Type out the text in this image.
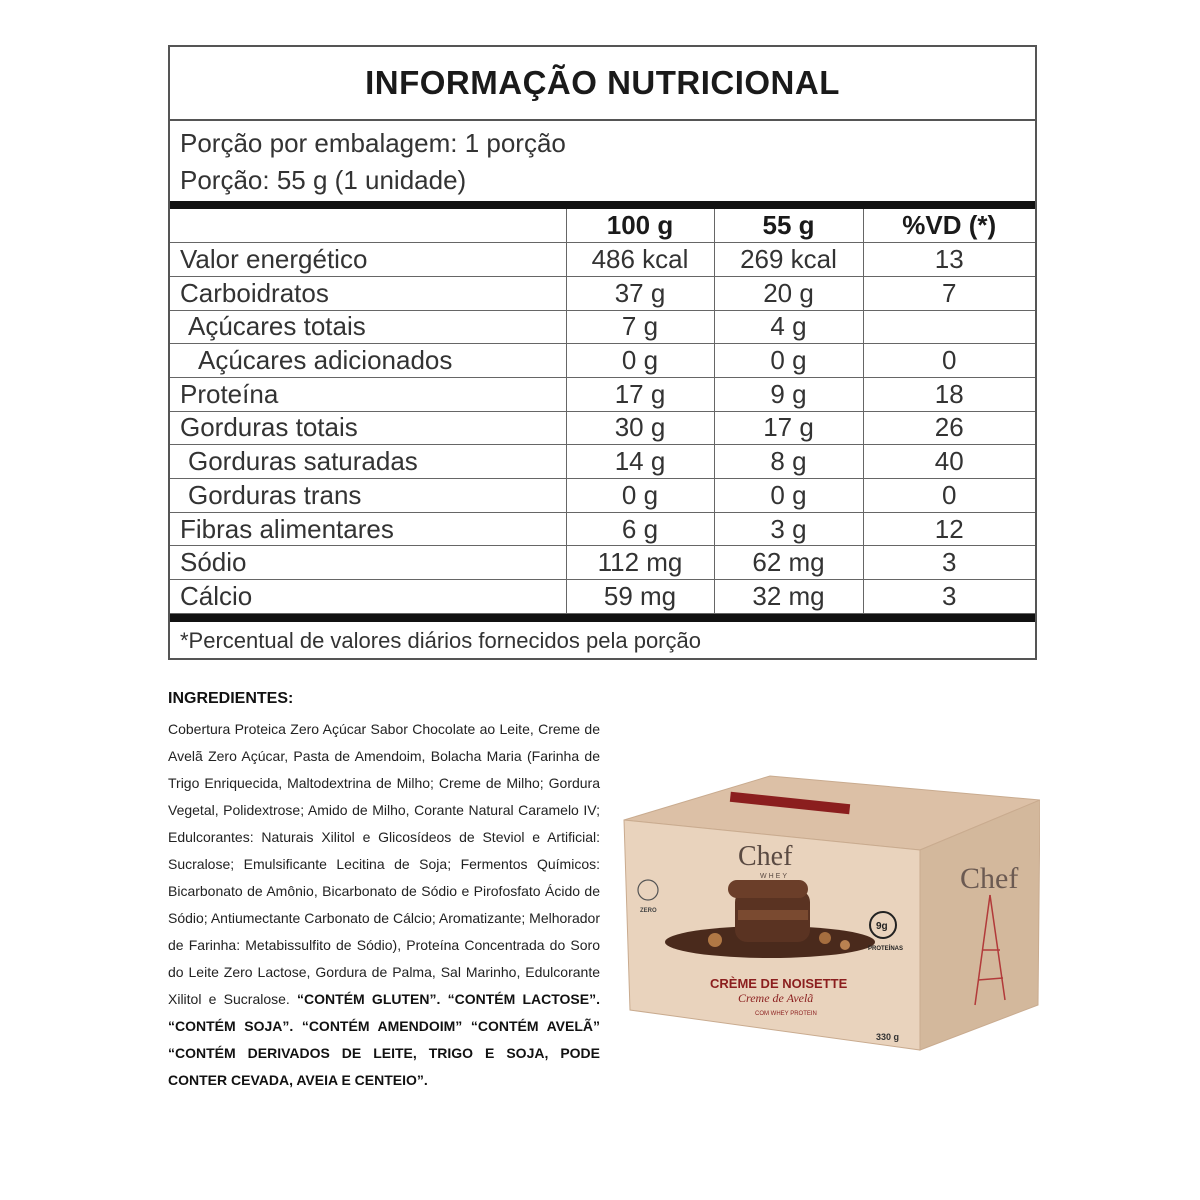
INFORMAÇÃO NUTRICIONAL
Porção por embalagem: 1 porção
Porção: 55 g (1 unidade)
	100 g	55 g	%VD (*)
Valor energético	486 kcal	269 kcal	13
Carboidratos	37 g	20 g	7
Açúcares totais	7 g	4 g	
Açúcares adicionados	0 g	0 g	0
Proteína	17 g	9 g	18
Gorduras totais	30 g	17 g	26
Gorduras saturadas	14 g	8 g	40
Gorduras trans	0 g	0 g	0
Fibras alimentares	6 g	3 g	12
Sódio	112 mg	62 mg	3
Cálcio	59 mg	32 mg	3
*Percentual de valores diários fornecidos pela porção
INGREDIENTES:
Cobertura Proteica Zero Açúcar Sabor Chocolate ao Leite, Creme de Avelã Zero Açúcar, Pasta de Amendoim, Bolacha Maria (Farinha de Trigo Enriquecida, Maltodextrina de Milho; Creme de Milho; Gordura Vegetal, Polidextrose; Amido de Milho, Corante Natural Caramelo IV; Edulcorantes: Naturais Xilitol e Glicosídeos de Steviol e Artificial: Sucralose; Emulsificante Lecitina de Soja; Fermentos Químicos: Bicarbonato de Amônio, Bicarbonato de Sódio e Pirofosfato Ácido de Sódio; Antiumectante Carbonato de Cálcio; Aromatizante; Melhorador de Farinha: Metabissulfito de Sódio), Proteína Concentrada do Soro do Leite Zero Lactose, Gordura de Palma, Sal Marinho, Edulcorante Xilitol e Sucralose. “CONTÉM GLUTEN”. “CONTÉM LACTOSE”. “CONTÉM SOJA”. “CONTÉM AMENDOIM” “CONTÉM AVELÃ” “CONTÉM DERIVADOS DE LEITE, TRIGO E SOJA, PODE CONTER CEVADA, AVEIA E CENTEIO”.
Chef
WHEY	Chef
CRÈME DE NOISETTE
Creme de Avelã
COM WHEY PROTEIN
9g
PROTEÍNAS
ZERO
330 g
